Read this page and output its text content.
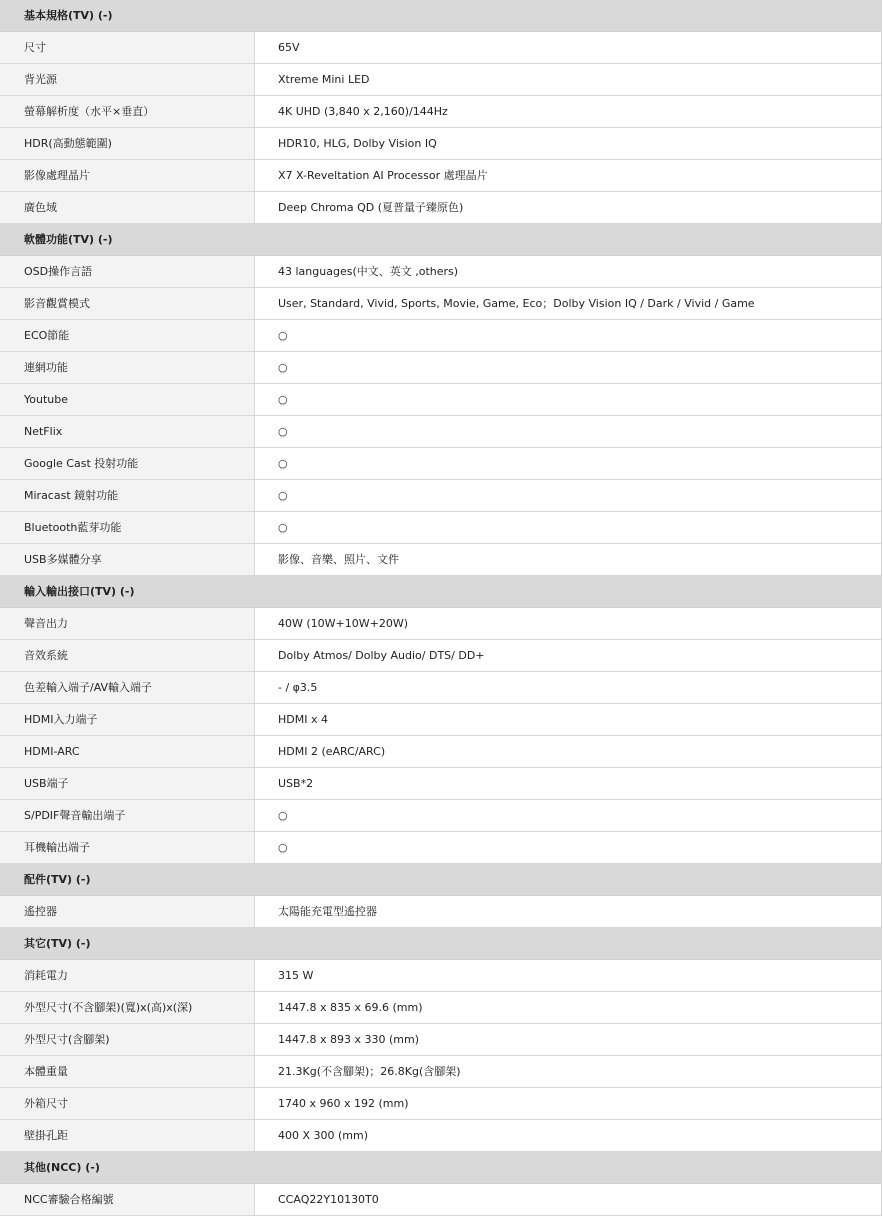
基本規格(TV) (-)
尺寸	65V
背光源	Xtreme Mini LED
螢幕解析度（水平×垂直）	4K UHD (3,840 x 2,160)/144Hz
HDR(高動態範圍)	HDR10, HLG, Dolby Vision IQ
影像處理晶片	X7 X-Reveltation AI Processor 處理晶片
廣色域	Deep Chroma QD (夏普量子臻原色)
軟體功能(TV) (-)
OSD操作言語	43 languages(中文、英文 ,others)
影音觀賞模式	User, Standard, Vivid, Sports, Movie, Game, Eco；Dolby Vision IQ / Dark / Vivid / Game
ECO節能	○
連網功能	○
Youtube	○
NetFlix	○
Google Cast 投射功能	○
Miracast 鏡射功能	○
Bluetooth藍芽功能	○
USB多媒體分享	影像、音樂、照片、文件
輸入輸出接口(TV) (-)
聲音出力	40W (10W+10W+20W)
音效系統	Dolby Atmos/ Dolby Audio/ DTS/ DD+
色差輸入端子/AV輸入端子	- / φ3.5
HDMI入力端子	HDMI x 4
HDMI-ARC	HDMI 2 (eARC/ARC)
USB端子	USB*2
S/PDIF聲音輸出端子	○
耳機輸出端子	○
配件(TV) (-)
遙控器	太陽能充電型遙控器
其它(TV) (-)
消耗電力	315 W
外型尺寸(不含腳架)(寬)x(高)x(深)	1447.8 x 835 x 69.6 (mm)
外型尺寸(含腳架)	1447.8 x 893 x 330 (mm)
本體重量	21.3Kg(不含腳架)；26.8Kg(含腳架)
外箱尺寸	1740 x 960 x 192 (mm)
壁掛孔距	400 X 300 (mm)
其他(NCC) (-)
NCC審驗合格編號	CCAQ22Y10130T0
